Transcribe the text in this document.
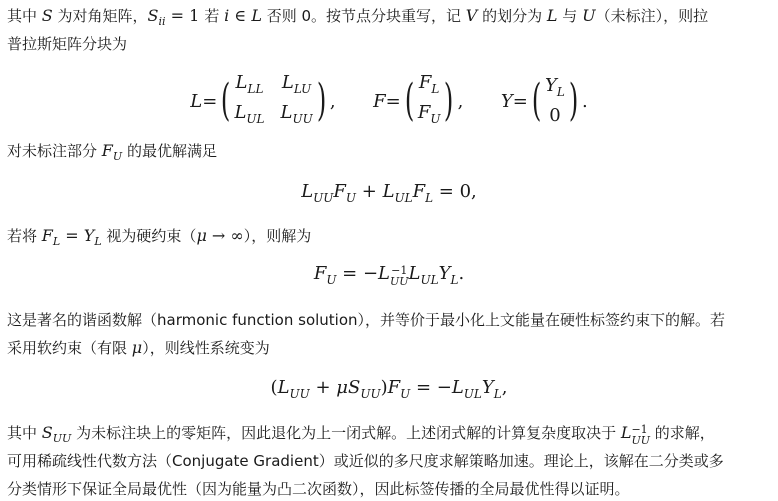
其中 S 为对角矩阵，$S_{ii} = 1$ 若 i ∈ L 否则 0。按节点分块重写，记 V 的划分为 L 与 U（未标注），则拉
普拉斯矩阵分块为
L = ( $L_{LL}$ $L_{LU}$
$L_{UL}$ $L_{UU}$ ) ,
F = ( $F_L$
$F_U$ ) ,
Y = ( $Y_L$
0 ) .
对未标注部分 $F_U$ 的最优解满足
$L_{UU}F_U + L_{UL}F_L = 0$,
若将 $F_L = Y_L$ 视为硬约束（μ → ∞），则解为
$F_U = -L -1$
UU $L_{UL}Y_L$.
这是著名的谐函数解（harmonic function solution），并等价于最小化上文能量在硬性标签约束下的解。若
采用软约束（有限 μ），则线性系统变为
$(L_{UU} + \mu S_{UU})F_U = -L_{UL}Y_L$,
其中 $S_{UU}$ 为未标注块上的零矩阵，因此退化为上一闭式解。上述闭式解的计算复杂度取决于 L −1
UU 的求解，
可用稀疏线性代数方法（Conjugate Gradient）或近似的多尺度求解策略加速。理论上，该解在二分类或多
分类情形下保证全局最优性（因为能量为凸二次函数），因此标签传播的全局最优性得以证明。
